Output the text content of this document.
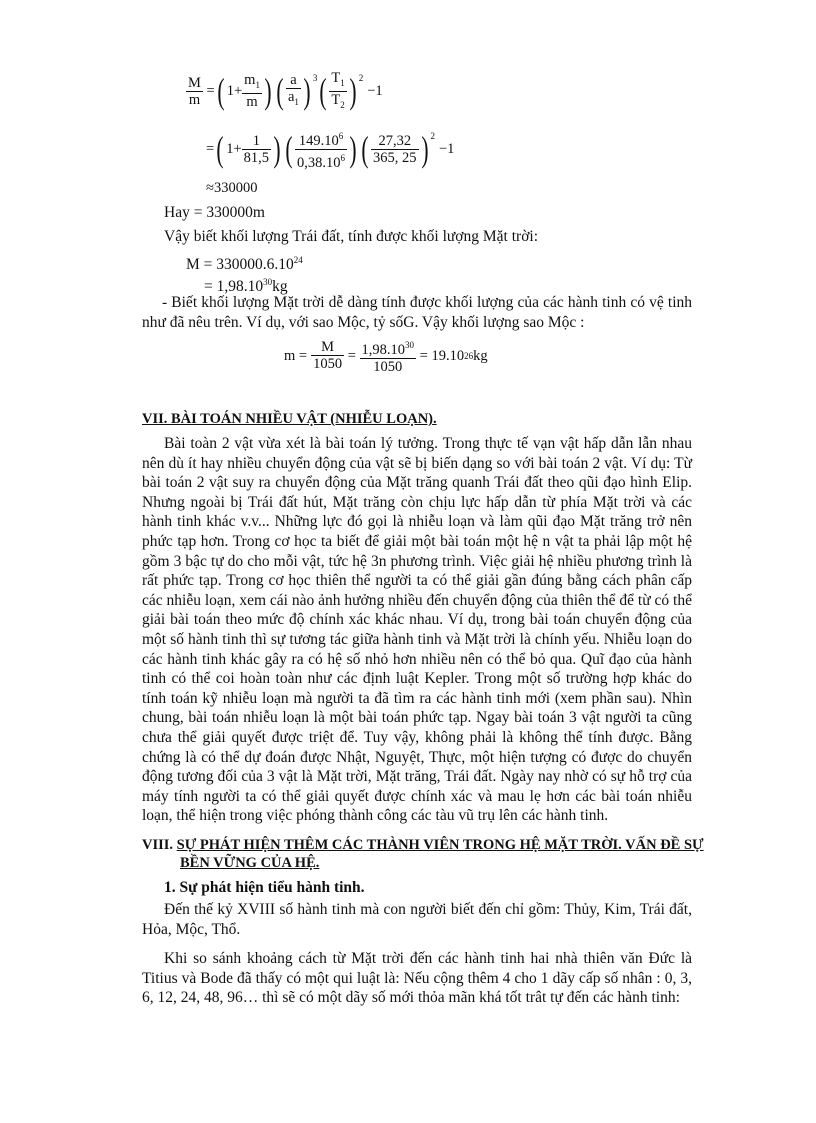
$\frac{M}{m}$ = ( $1 + \frac{m_1}{m}$ ) ( $\frac{a}{a_1}$ ) 3 ( $\frac{T_1}{T_2}$ ) 2
−1
= ( $1+ \frac{1}{81,5}$ ) ( $\frac{149.10^6}{0,38.10^6}$ ) ( $\frac{27,32}{365, 25}$ ) 2
−1
≈330000
Hay = 330000m
Vậy biết khối lượng Trái đất, tính được khối lượng Mặt trời:
$M = 330000.6.10^{24}$
= $1,98.10^{30}kg$
- Biết khối lượng Mặt trời dễ dàng tính được khối lượng của các hành tinh có vệ tinh như đã nêu trên. Ví dụ, với sao Mộc, tỷ sốG. Vậy khối lượng sao Mộc :
$m = \frac{M}{1050} = \frac{1,98.10^{30}}{1050} = 19.10$ 26 kg
VII. BÀI TOÁN NHIỀU VẬT (NHIỄU LOẠN).
Bài toàn 2 vật vừa xét là bài toán lý tưởng. Trong thực tế vạn vật hấp dẫn lẫn nhau nên dù ít hay nhiều chuyển động của vật sẽ bị biến dạng so với bài toán 2 vật. Ví dụ: Từ bài toán 2 vật suy ra chuyển động của Mặt trăng quanh Trái đất theo qũi đạo hình Elip. Nhưng ngoài bị Trái đất hút, Mặt trăng còn chịu lực hấp dẫn từ phía Mặt trời và các hành tinh khác v.v... Những lực đó gọi là nhiễu loạn và làm qũi đạo Mặt trăng trở nên phức tạp hơn. Trong cơ học ta biết để giải một bài toán một hệ n vật ta phải lập một hệ gồm 3 bậc tự do cho mỗi vật, tức hệ 3n phương trình. Việc giải hệ nhiều phương trình là rất phức tạp. Trong cơ học thiên thể người ta có thể giải gần đúng bằng cách phân cấp các nhiễu loạn, xem cái nào ảnh hưởng nhiều đến chuyển động của thiên thể để từ có thể giải bài toán theo mức độ chính xác khác nhau. Ví dụ, trong bài toán chuyển động của một số hành tinh thì sự tương tác giữa hành tinh và Mặt trời là chính yếu. Nhiễu loạn do các hành tinh khác gây ra có hệ số nhỏ hơn nhiều nên có thể bỏ qua. Quĩ đạo của hành tinh có thể coi hoàn toàn như các định luật Kepler. Trong một số trường hợp khác do tính toán kỹ nhiễu loạn mà người ta đã tìm ra các hành tinh mới (xem phần sau). Nhìn chung, bài toán nhiễu loạn là một bài toán phức tạp. Ngay bài toán 3 vật người ta cũng chưa thể giải quyết được triệt để. Tuy vậy, không phải là không thể tính được. Bằng chứng là có thể dự đoán được Nhật, Nguyệt, Thực, một hiện tượng có được do chuyển động tương đối của 3 vật là Mặt trời, Mặt trăng, Trái đất. Ngày nay nhờ có sự hỗ trợ của máy tính người ta có thể giải quyết được chính xác và mau lẹ hơn các bài toán nhiễu loạn, thể hiện trong việc phóng thành công các tàu vũ trụ lên các hành tinh.
VIII. SỰ PHÁT HIỆN THÊM CÁC THÀNH VIÊN TRONG HỆ MẶT TRỜI. VẤN ĐỀ SỰ
BỀN VỮNG CỦA HỆ.
1. Sự phát hiện tiểu hành tinh.
Đến thế kỷ XVIII số hành tinh mà con người biết đến chỉ gồm: Thủy, Kim, Trái đất, Hỏa, Mộc, Thổ.
Khi so sánh khoảng cách từ Mặt trời đến các hành tinh hai nhà thiên văn Đức là Titius và Bode đã thấy có một qui luật là: Nếu cộng thêm 4 cho 1 dãy cấp số nhân : 0, 3, 6, 12, 24, 48, 96… thì sẽ có một dãy số mới thỏa mãn khá tốt trât tự đến các hành tinh:
